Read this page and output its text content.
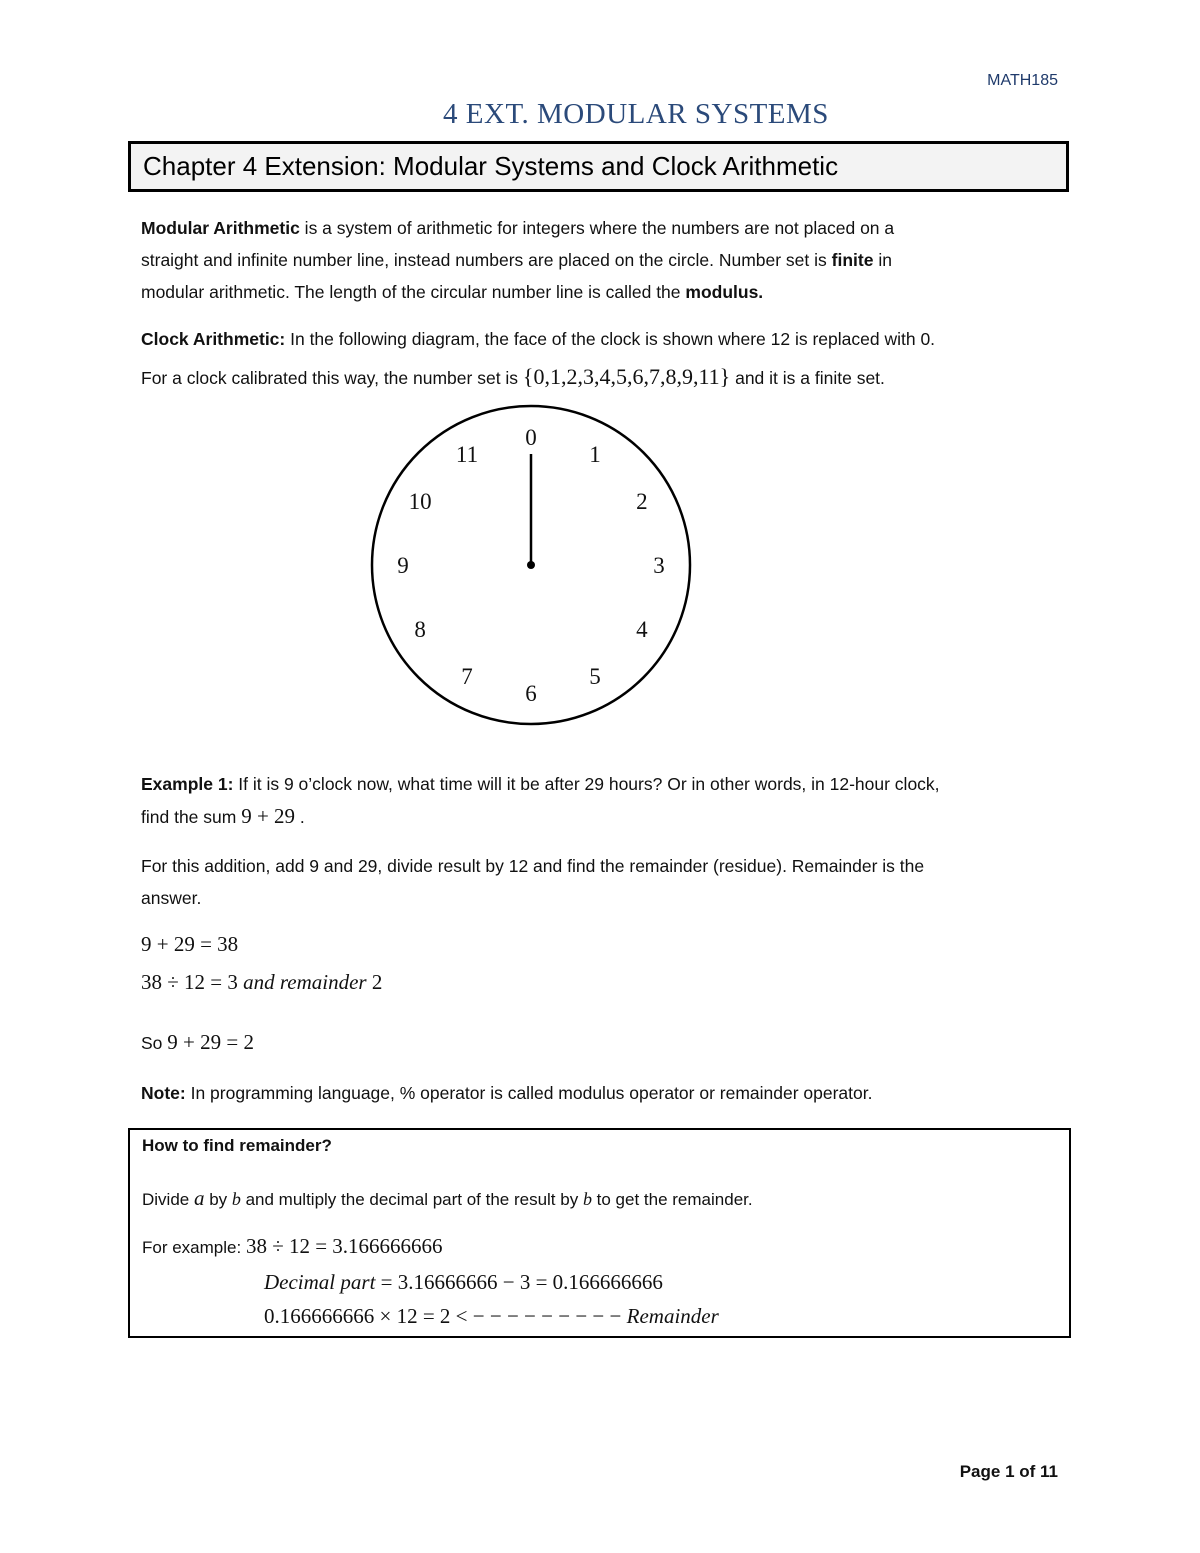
MATH185
4 EXT. MODULAR SYSTEMS
Chapter 4 Extension: Modular Systems and Clock Arithmetic
Modular Arithmetic is a system of arithmetic for integers where the numbers are not placed on a
straight and infinite number line, instead numbers are placed on the circle. Number set is finite in
modular arithmetic. The length of the circular number line is called the modulus.
Clock Arithmetic: In the following diagram, the face of the clock is shown where 12 is replaced with 0.
For a clock calibrated this way, the number set is {0,1,2,3,4,5,6,7,8,9,11} and it is a finite set.
0
1
2
3
4
5
6
7
8
9
10
11
Example 1: If it is 9 o’clock now, what time will it be after 29 hours? Or in other words, in 12-hour clock,
find the sum 9 + 29 .
For this addition, add 9 and 29, divide result by 12 and find the remainder (residue). Remainder is the
answer.
9 + 29 = 38
38 ÷ 12 = 3 and remainder 2
So 9 + 29 = 2
Note: In programming language, % operator is called modulus operator or remainder operator.
How to find remainder?
Divide a by b and multiply the decimal part of the result by b to get the remainder.
For example: 38 ÷ 12 = 3.166666666
Decimal part = 3.16666666 − 3 = 0.166666666
0.166666666 × 12 = 2 < − − − − − − − − − Remainder
Page 1 of 11
